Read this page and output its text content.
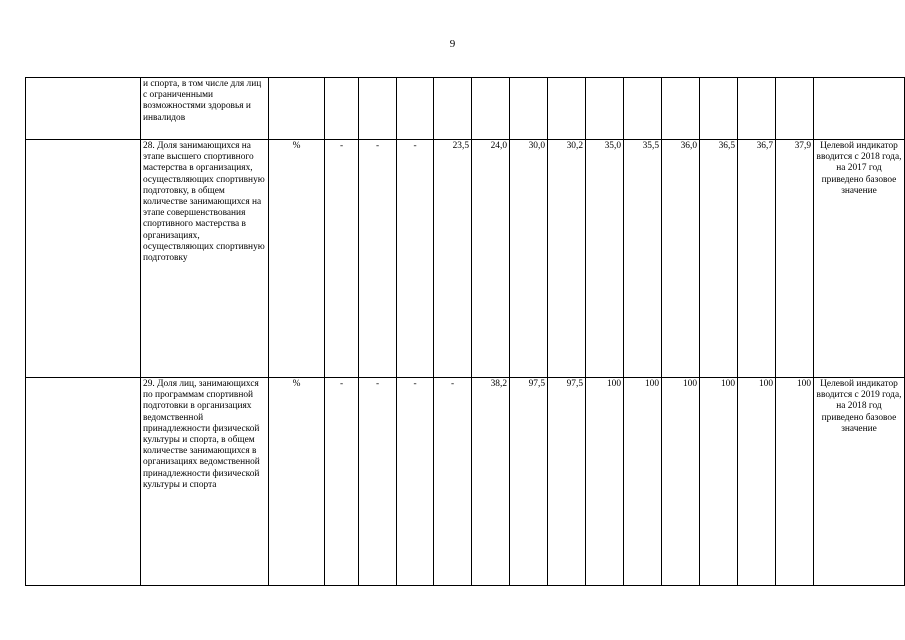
9
	и спорта, в том числе для лиц с ограниченными возможностями здоровья и инвалидов															
	28. Доля занимающихся на этапе высшего спортивного мастерства в организациях, осуществляющих спортивную подготовку, в общем количестве занимающихся на этапе совершенствования спортивного мастерства в организациях, осуществляющих спортивную подготовку	%	-	-	-	23,5	24,0	30,0	30,2	35,0	35,5	36,0	36,5	36,7	37,9	Целевой индикатор вводится с 2018 года, на 2017 год приведено базовое значение
	29. Доля лиц, занимающихся по программам спортивной подготовки в организациях ведомственной принадлежности физической культуры и спорта, в общем количестве занимающихся в организациях ведомственной принадлежности физической культуры и спорта	%	-	-	-	-	38,2	97,5	97,5	100	100	100	100	100	100	Целевой индикатор вводится с 2019 года, на 2018 год приведено базовое значение
